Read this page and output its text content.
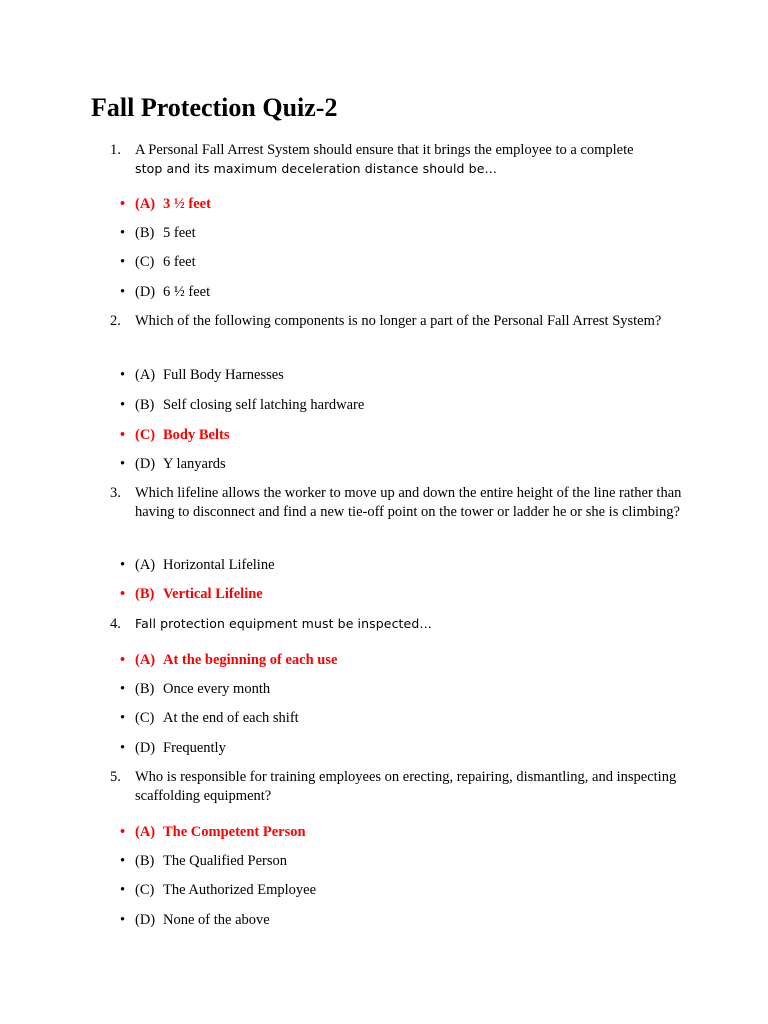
Fall Protection Quiz-2
1. A Personal Fall Arrest System should ensure that it brings the employee to a complete
stop and its maximum deceleration distance should be…
• (A) 3 ½ feet
• (B) 5 feet
• (C) 6 feet
• (D) 6 ½ feet
2. Which of the following components is no longer a part of the Personal Fall Arrest System?
• (A) Full Body Harnesses
• (B) Self closing self latching hardware
• (C) Body Belts
• (D) Y lanyards
3. Which lifeline allows the worker to move up and down the entire height of the line rather than having to disconnect and find a new tie-off point on the tower or ladder he or she is climbing?
• (A) Horizontal Lifeline
• (B) Vertical Lifeline
4.	Fall protection equipment must be inspected…
• (A) At the beginning of each use
• (B) Once every month
• (C) At the end of each shift
• (D) Frequently
5. Who is responsible for training employees on erecting, repairing, dismantling, and inspecting scaffolding equipment?
• (A) The Competent Person
• (B) The Qualified Person
• (C) The Authorized Employee
• (D) None of the above
